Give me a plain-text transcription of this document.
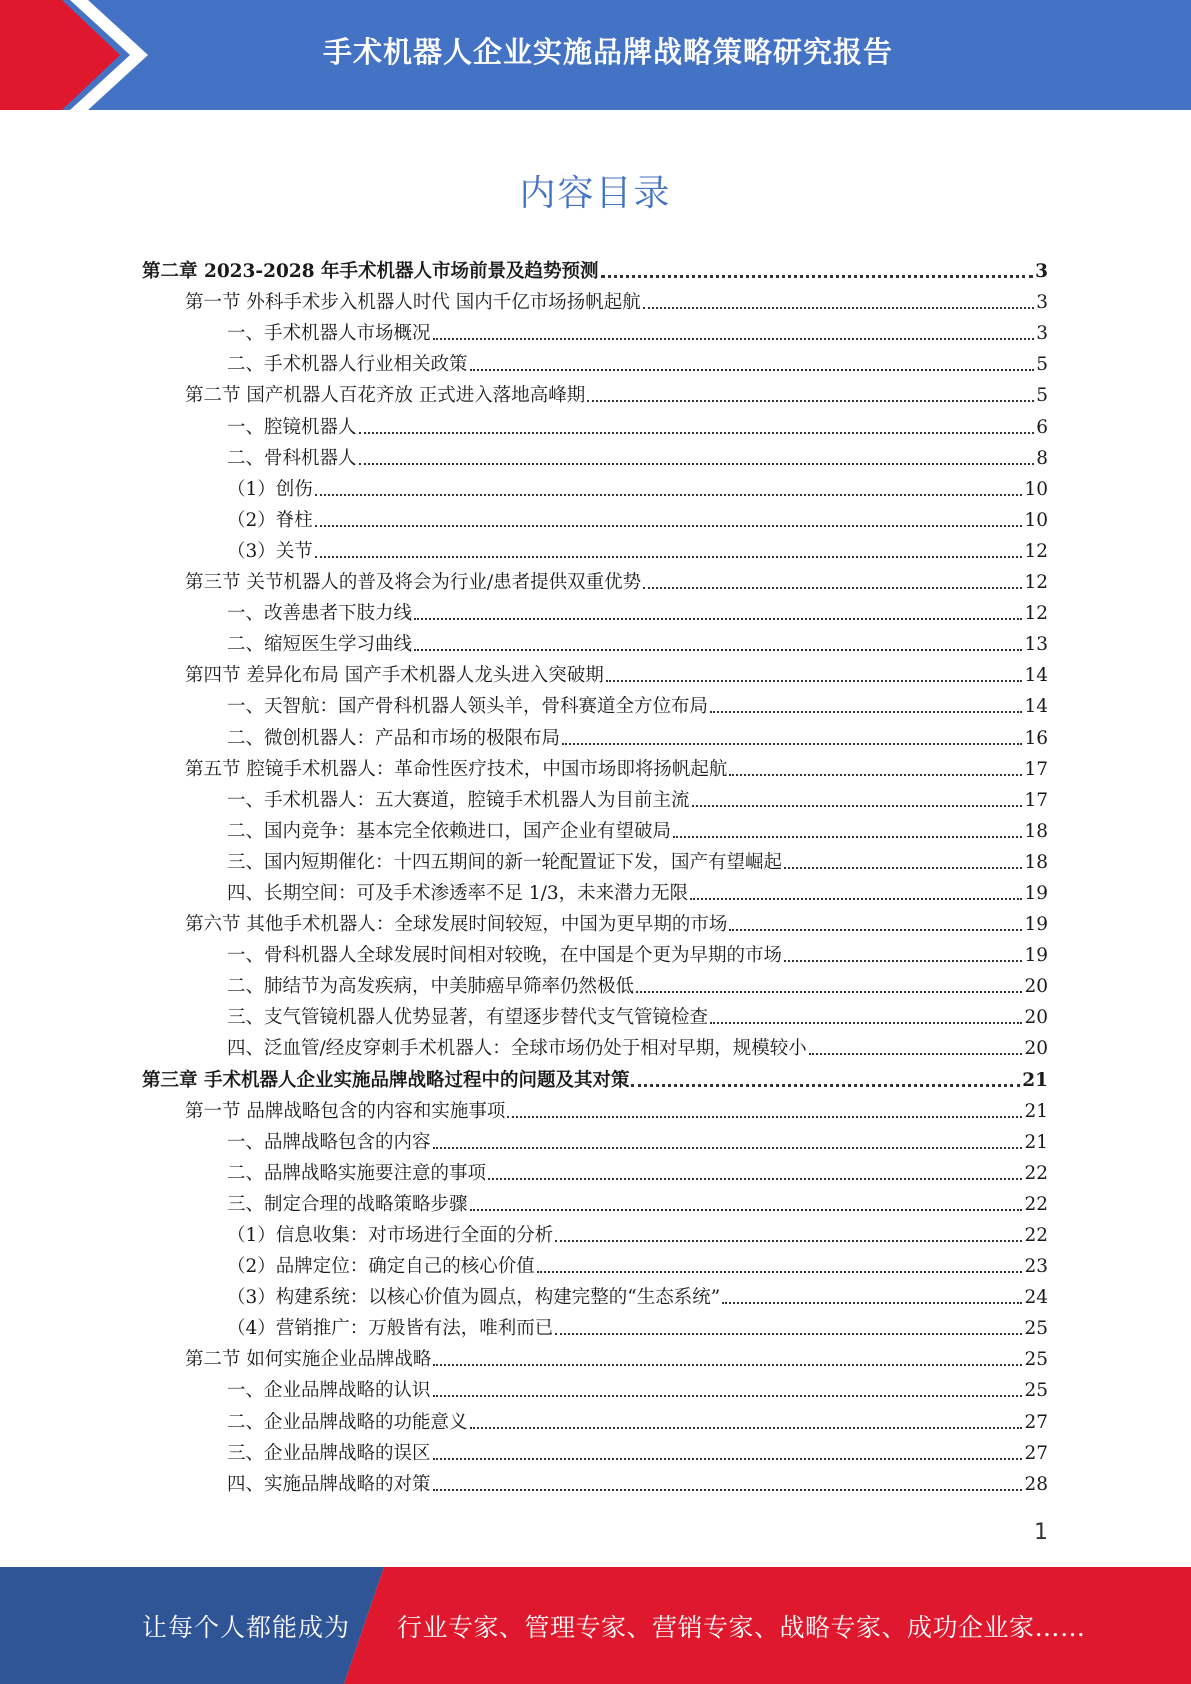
手术机器人企业实施品牌战略策略研究报告
内容目录
第二章 2023-2028 年手术机器人市场前景及趋势预测	3
第一节 外科手术步入机器人时代 国内千亿市场扬帆起航	3
一、手术机器人市场概况	3
二、手术机器人行业相关政策	5
第二节 国产机器人百花齐放 正式进入落地高峰期	5
一、腔镜机器人	6
二、骨科机器人	8
（1）创伤	10
（2）脊柱	10
（3）关节	12
第三节 关节机器人的普及将会为行业/患者提供双重优势	12
一、改善患者下肢力线	12
二、缩短医生学习曲线	13
第四节 差异化布局 国产手术机器人龙头进入突破期	14
一、天智航：国产骨科机器人领头羊，骨科赛道全方位布局	14
二、微创机器人：产品和市场的极限布局	16
第五节 腔镜手术机器人：革命性医疗技术，中国市场即将扬帆起航	17
一、手术机器人：五大赛道，腔镜手术机器人为目前主流	17
二、国内竞争：基本完全依赖进口，国产企业有望破局	18
三、国内短期催化：十四五期间的新一轮配置证下发，国产有望崛起	18
四、长期空间：可及手术渗透率不足 1/3，未来潜力无限	19
第六节 其他手术机器人：全球发展时间较短，中国为更早期的市场	19
一、骨科机器人全球发展时间相对较晚，在中国是个更为早期的市场	19
二、肺结节为高发疾病，中美肺癌早筛率仍然极低	20
三、支气管镜机器人优势显著，有望逐步替代支气管镜检查	20
四、泛血管/经皮穿刺手术机器人：全球市场仍处于相对早期，规模较小	20
第三章 手术机器人企业实施品牌战略过程中的问题及其对策	21
第一节 品牌战略包含的内容和实施事项	21
一、品牌战略包含的内容	21
二、品牌战略实施要注意的事项	22
三、制定合理的战略策略步骤	22
（1）信息收集：对市场进行全面的分析	22
（2）品牌定位：确定自己的核心价值	23
（3）构建系统：以核心价值为圆点，构建完整的“生态系统”	24
（4）营销推广：万般皆有法，唯利而已	25
第二节 如何实施企业品牌战略	25
一、企业品牌战略的认识	25
二、企业品牌战略的功能意义	27
三、企业品牌战略的误区	27
四、实施品牌战略的对策	28
1
让每个人都能成为 行业专家、管理专家、营销专家、战略专家、成功企业家……
